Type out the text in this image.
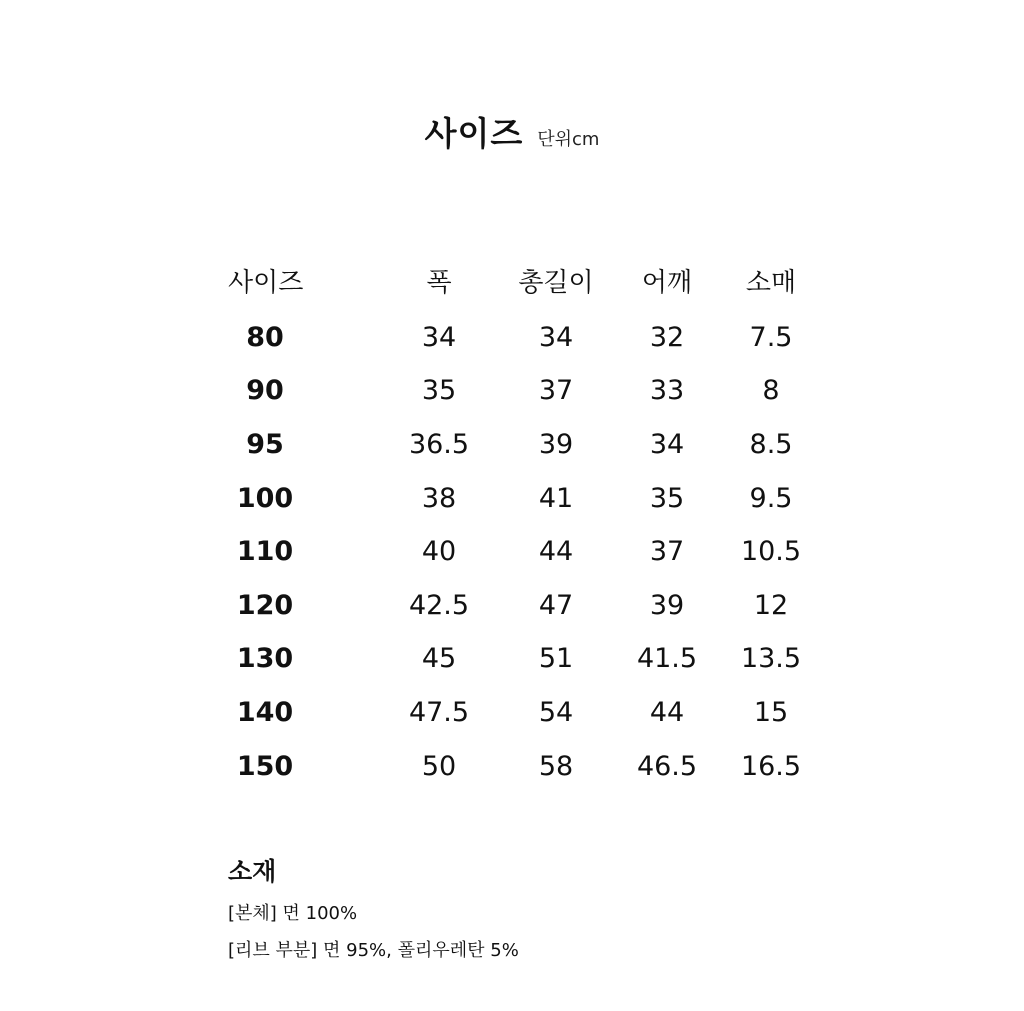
사이즈 단위cm
사이즈	폭	총길이	어깨	소매
80	34	34	32	7.5
90	35	37	33	8
95	36.5	39	34	8.5
100	38	41	35	9.5
110	40	44	37	10.5
120	42.5	47	39	12
130	45	51	41.5	13.5
140	47.5	54	44	15
150	50	58	46.5	16.5
소재
[본체] 면 100%
[리브 부분] 면 95%, 폴리우레탄 5%
